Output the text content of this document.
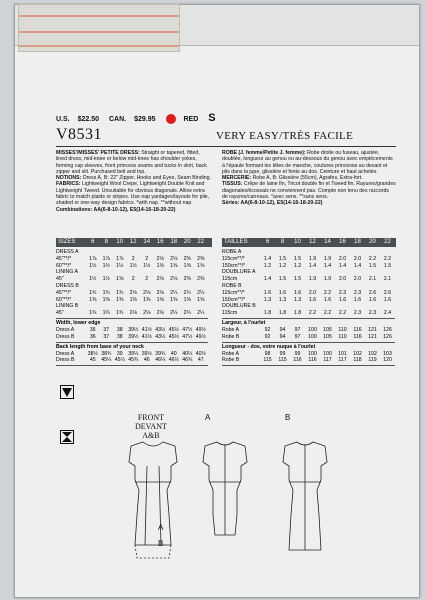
U.S. $22.50 CAN. $29.95	RED S
V8531	VERY EASY/TRÈS FACILE
MISSES'/MISSES' PETITE DRESS: Straight or tapered, fitted, lined dress, mid-knee or below mid-knee has shoulder yokes, forming cap sleeves, front princess seams and tucks in skirt, back zipper and slit. Purchased belt and top.
NOTIONS: Dress A, B: 22" Zipper, Hooks and Eyes, Seam Binding.
FABRICS: Lightweight Wool Crepe, Lightweight Double Knit and Lightweight Tweed. Unsuitable for obvious diagonals. Allow extra fabric to match plaids or stripes. Use nap yardages/layouts for pile, shaded or one-way design fabrics. *with nap. **without nap.
Combinations: AA(6-8-10-12), E5(14-16-18-20-22)
ROBE (J. femme/Petite J. femme): Robe droite ou fuseau, ajustée, doublée, longueur au genou ou au-dessous du genou avec empiècements à l'épaule formant les têtes de manche, coutures princesse au devant et plis dans la jupe, glissière et fente au dos. Ceinture et haut achetés.
MERCERIE: Robe A, B: Glissière (55cm), Agrafes, Extra-fort.
TISSUS: Crêpe de laine fin, Tricot double fin et Tweed fin. Rayures/grandes diagonales/écossais ne conviennent pas. Compte non tenu des raccords de rayures/carreaux. *avec sens. **sans sens.
Séries: AA(6-8-10-12), E5(14-16-18-20-22)
SIZES	6 8 10 12 14 16 18 20 22	TAILLES	6 8 10 12 14 16 18 20 22
DRESS A
45"**/*	1⅞ 1⅞ 1⅞ 2 2 2⅛ 2⅛ 2⅜ 2⅜
60"**/*	1½ 1½ 1½ 1½ 1½ 1⅝ 1⅝ 1⅝ 1⅝
LINING A
45"	1½ 1½ 1⅝ 2 2 2⅛ 2⅛ 2⅜ 2⅜
DRESS B
45"**/*	1¾ 1¾ 1¾ 2⅛ 2⅛ 2⅛ 2¼ 2¼ 2¼
60"**/*	1⅜ 1⅜ 1⅜ 1⅜ 1⅜ 1⅝ 1⅝ 1⅝ 1⅝
LINING B
45"	1¾ 1¾ 1¾ 2⅛ 2⅛ 2⅛ 2¼ 2¼ 2¼
Width, lower edge
Dress A	36 37 38 39½ 41½ 43½ 45½ 47½ 49½
Dress B	36 37 38 39½ 41½ 43½ 45½ 47½ 49½
Back length from base of your neck
Dress A	38½ 38¾ 39 39¼ 39½ 39¾ 40 40¼ 40½
Dress B	45 45¼ 45½ 45¾ 46 46¼ 46½ 46¾ 47
ROBE A
115cm**/*	1.4 1.5 1.5 1.9 1.9 2.0 2.0 2.2 2.2
150cm**/*	1.2 1.2 1.2 1.4 1.4 1.4 1.4 1.5 1.5
DOUBLURE A
115cm	1.4 1.5 1.5 1.9 1.9 2.0 2.0 2.1 2.1
ROBE B
115cm**/*	1.6 1.6 1.6 2.0 2.2 2.3 2.3 2.6 2.6
150cm**/*	1.3 1.3 1.3 1.6 1.6 1.6 1.6 1.6 1.6
DOUBLURE B
115cm	1.8 1.8 1.8 2.2 2.2 2.2 2.3 2.3 2.4
Largeur, à l'ourlet
Robe A	92 94 97 100 105 110 116 121 126
Robe B	92 94 97 100 105 110 116 121 126
Longueur - dos, votre nuque à l'ourlet
Robe A	98 99 99 100 100 101 102 102 103
Robe B	115 115 116 116 117 117 118 119 120
FRONT
DEVANT
A&B
A	B
A
B
